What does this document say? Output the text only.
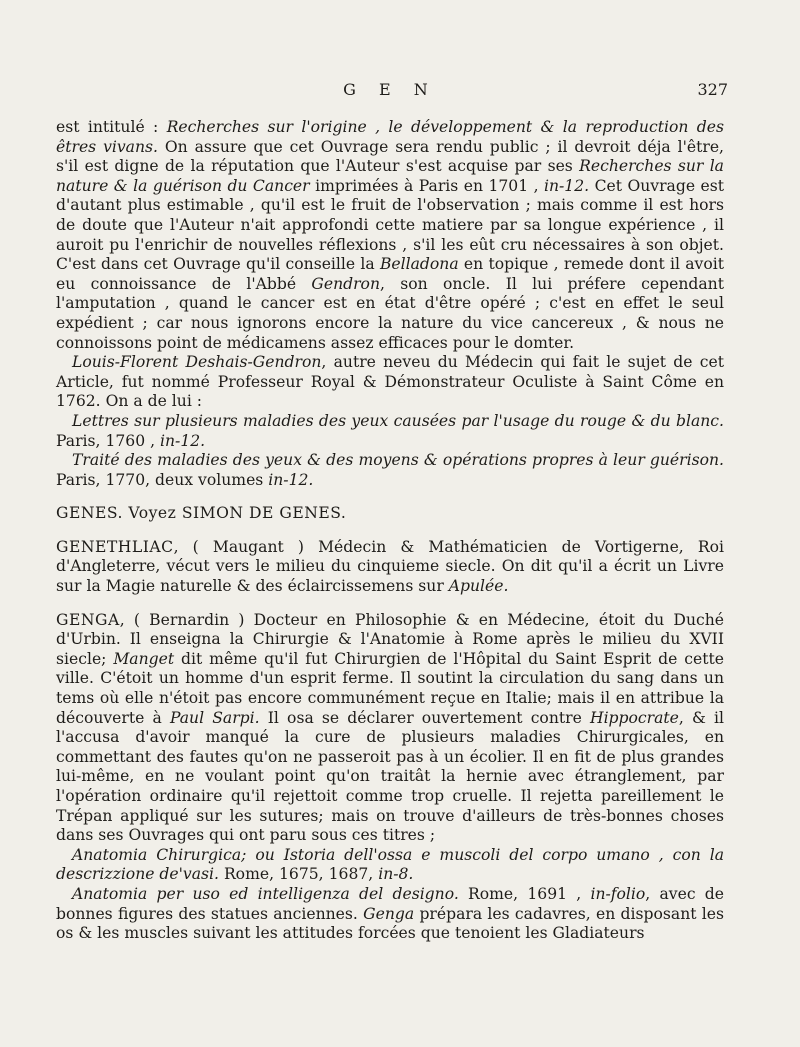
G E N	327

est intitulé : Recherches sur l'origine , le développement & la reproduction des êtres vivans. On assure que cet Ouvrage sera rendu public ; il devroit déja l'être, s'il est digne de la réputation que l'Auteur s'est acquise par ses Recherches sur la nature & la guérison du Cancer imprimées à Paris en 1701 , in-12. Cet Ouvrage est d'autant plus estimable , qu'il est le fruit de l'observation ; mais comme il est hors de doute que l'Auteur n'ait approfondi cette matiere par sa longue expérience , il auroit pu l'enrichir de nouvelles réflexions , s'il les eût cru nécessaires à son objet. C'est dans cet Ouvrage qu'il conseille la Belladona en topique , remede dont il avoit eu connoissance de l'Abbé Gendron, son oncle. Il lui préfere cependant l'amputation , quand le cancer est en état d'être opéré ; c'est en effet le seul expédient ; car nous ignorons encore la nature du vice cancereux , & nous ne connoissons point de médicamens assez efficaces pour le domter.

Louis-Florent Deshais-Gendron, autre neveu du Médecin qui fait le sujet de cet Article, fut nommé Professeur Royal & Démonstrateur Oculiste à Saint Côme en 1762. On a de lui :

Lettres sur plusieurs maladies des yeux causées par l'usage du rouge & du blanc. Paris, 1760 , in-12.

Traité des maladies des yeux & des moyens & opérations propres à leur guérison. Paris, 1770, deux volumes in-12.

GENES. Voyez SIMON DE GENES.

GENETHLIAC, ( Maugant ) Médecin & Mathématicien de Vortigerne, Roi d'Angleterre, vécut vers le milieu du cinquieme siecle. On dit qu'il a écrit un Livre sur la Magie naturelle & des éclaircissemens sur Apulée.

GENGA, ( Bernardin ) Docteur en Philosophie & en Médecine, étoit du Duché d'Urbin. Il enseigna la Chirurgie & l'Anatomie à Rome après le milieu du XVII siecle; Manget dit même qu'il fut Chirurgien de l'Hôpital du Saint Esprit de cette ville. C'étoit un homme d'un esprit ferme. Il soutint la circulation du sang dans un tems où elle n'étoit pas encore communément reçue en Italie; mais il en attribue la découverte à Paul Sarpi. Il osa se déclarer ouvertement contre Hippocrate, & il l'accusa d'avoir manqué la cure de plusieurs maladies Chirurgicales, en commettant des fautes qu'on ne passeroit pas à un écolier. Il en fit de plus grandes lui-même, en ne voulant point qu'on traitât la hernie avec étranglement, par l'opération ordinaire qu'il rejettoit comme trop cruelle. Il rejetta pareillement le Trépan appliqué sur les sutures; mais on trouve d'ailleurs de très-bonnes choses dans ses Ouvrages qui ont paru sous ces titres ;

Anatomia Chirurgica; ou Istoria dell'ossa e muscoli del corpo umano , con la descrizzione de'vasi. Rome, 1675, 1687, in-8.

Anatomia per uso ed intelligenza del designo. Rome, 1691 , in-folio, avec de bonnes figures des statues anciennes. Genga prépara les cadavres, en disposant les os & les muscles suivant les attitudes forcées que tenoient les Gladiateurs
